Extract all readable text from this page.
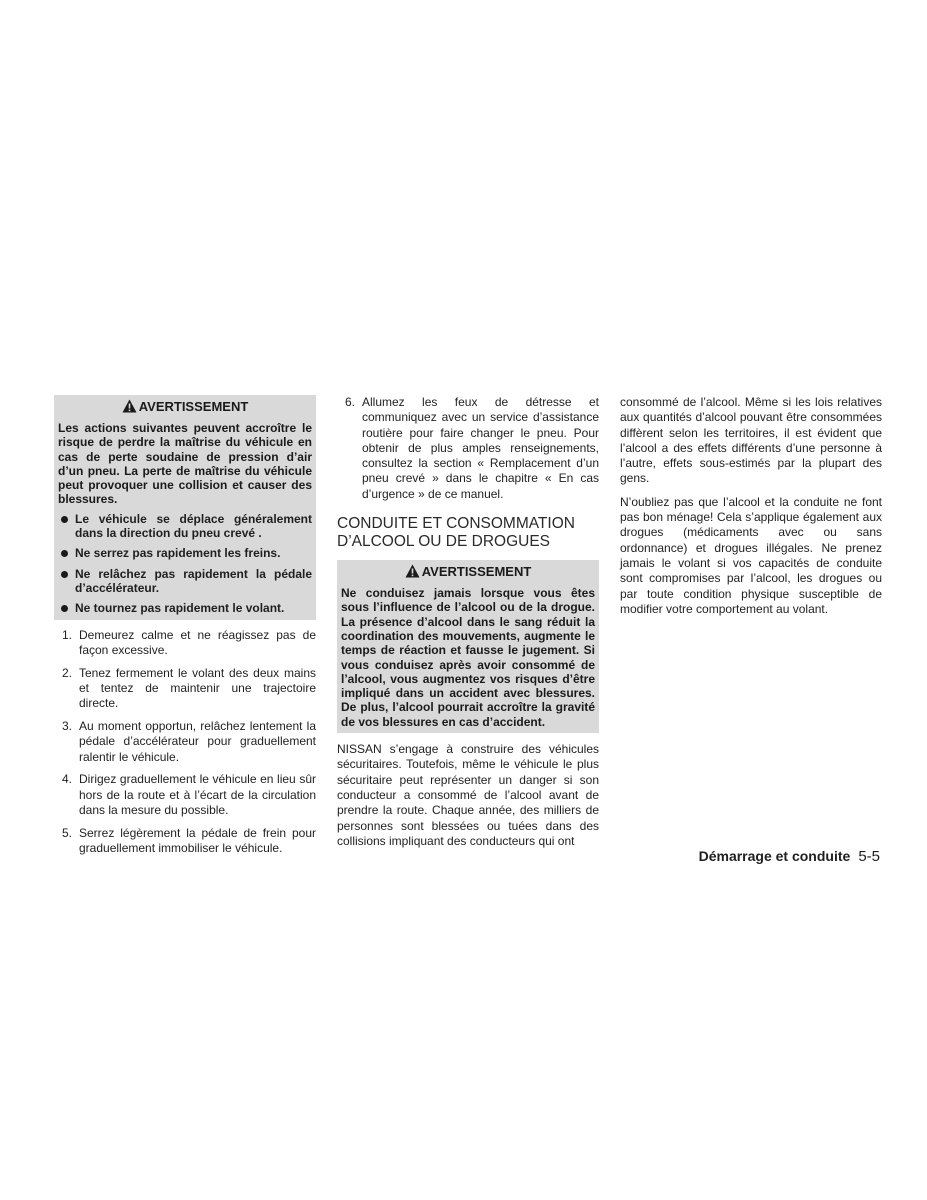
AVERTISSEMENT
Les actions suivantes peuvent accroître le risque de perdre la maîtrise du véhicule en cas de perte soudaine de pression d’air d’un pneu. La perte de maîtrise du véhicule peut provoquer une collision et causer des blessures.
Le véhicule se déplace généralement dans la direction du pneu crevé .
Ne serrez pas rapidement les freins.
Ne relâchez pas rapidement la pédale d’accélérateur.
Ne tournez pas rapidement le volant.
1. Demeurez calme et ne réagissez pas de façon excessive.
2. Tenez fermement le volant des deux mains et tentez de maintenir une trajectoire directe.
3. Au moment opportun, relâchez lentement la pédale d’accélérateur pour graduellement ralentir le véhicule.
4. Dirigez graduellement le véhicule en lieu sûr hors de la route et à l’écart de la circulation dans la mesure du possible.
5. Serrez légèrement la pédale de frein pour graduellement immobiliser le véhicule.
6. Allumez les feux de détresse et communiquez avec un service d’assistance routière pour faire changer le pneu. Pour obtenir de plus amples renseignements, consultez la section « Remplacement d’un pneu crevé » dans le chapitre « En cas d’urgence » de ce manuel.
CONDUITE ET CONSOMMATION
D’ALCOOL OU DE DROGUES
AVERTISSEMENT
Ne conduisez jamais lorsque vous êtes sous l’influence de l’alcool ou de la drogue. La présence d’alcool dans le sang réduit la coordination des mouvements, augmente le temps de réaction et fausse le jugement. Si vous conduisez après avoir consommé de l’alcool, vous augmentez vos risques d’être impliqué dans un accident avec blessures. De plus, l’alcool pourrait accroître la gravité de vos blessures en cas d’accident.

NISSAN s’engage à construire des véhicules sécuritaires. Toutefois, même le véhicule le plus sécuritaire peut représenter un danger si son conducteur a consommé de l’alcool avant de prendre la route. Chaque année, des milliers de personnes sont blessées ou tuées dans des collisions impliquant des conducteurs qui ont

consommé de l’alcool. Même si les lois relatives aux quantités d’alcool pouvant être consommées diffèrent selon les territoires, il est évident que l’alcool a des effets différents d’une personne à l’autre, effets sous-estimés par la plupart des gens.

N’oubliez pas que l’alcool et la conduite ne font pas bon ménage! Cela s’applique également aux drogues (médicaments avec ou sans ordonnance) et drogues illégales. Ne prenez jamais le volant si vos capacités de conduite sont compromises par l’alcool, les drogues ou par toute condition physique susceptible de modifier votre comportement au volant.

Démarrage et conduite 5-5
